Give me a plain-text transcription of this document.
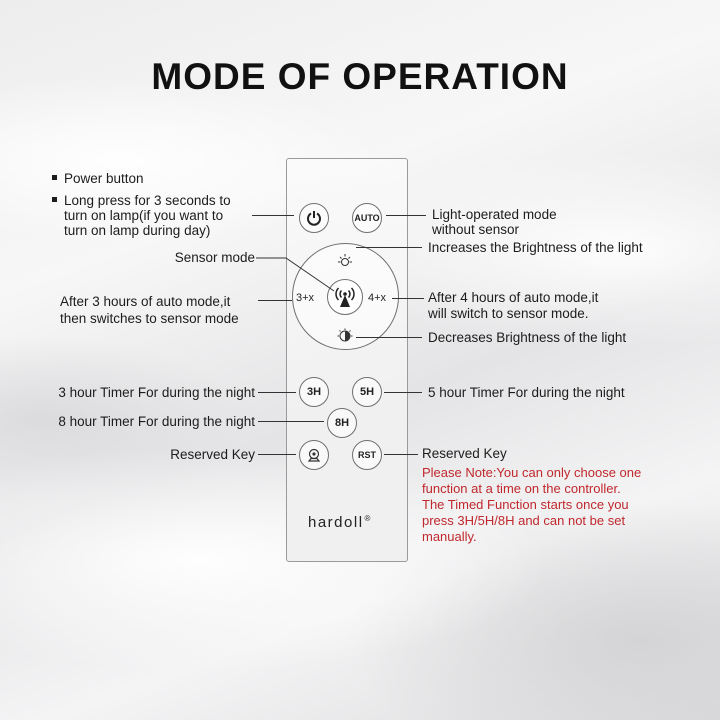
MODE OF OPERATION
AUTO
3+x	4+x
3H	5H
8H
RST
hardoll®
Power button
Long press for 3 seconds to
turn on lamp(if you want to
turn on lamp during day)
Sensor mode
After 3 hours of auto mode,it
then switches to sensor mode
3 hour Timer For during the night
8 hour Timer For during the night
Reserved Key
Light-operated mode
without sensor
Increases the Brightness of the light
After 4 hours of auto mode,it
will switch to sensor mode.
Decreases Brightness of the light
5 hour Timer For during the night
Reserved Key
Please Note:You can only choose one
function at a time on the controller.
The Timed Function starts once you
press 3H/5H/8H and can not be set
manually.
